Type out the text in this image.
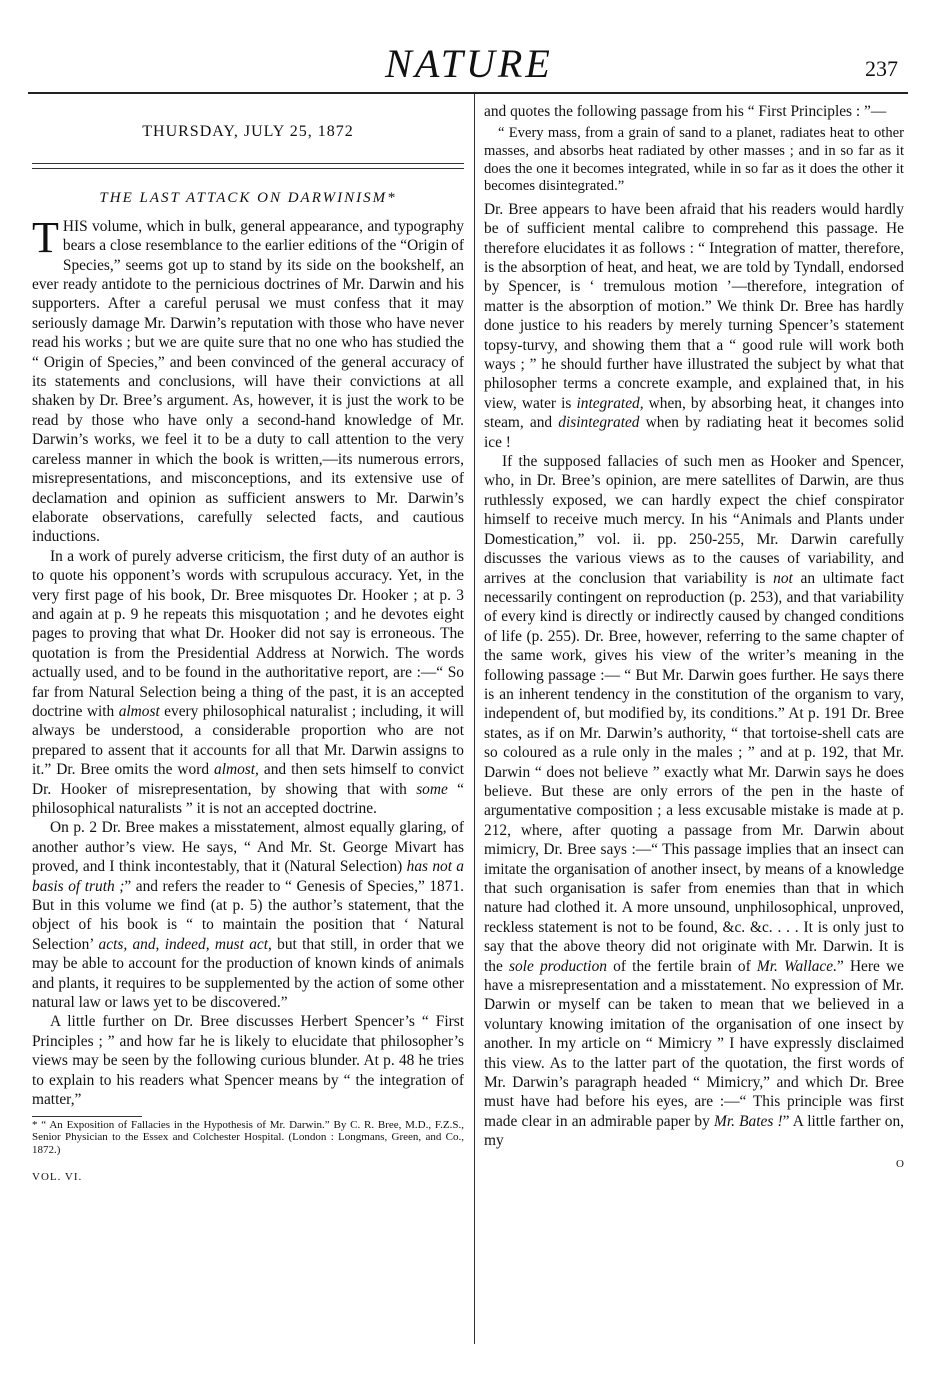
NATURE	237

THURSDAY, JULY 25, 1872

THE LAST ATTACK ON DARWINISM*

THIS volume, which in bulk, general appearance, and typography bears a close resemblance to the earlier editions of the “Origin of Species,” seems got up to stand by its side on the bookshelf, an ever ready antidote to the pernicious doctrines of Mr. Darwin and his supporters. After a careful perusal we must confess that it may seriously damage Mr. Darwin’s reputation with those who have never read his works ; but we are quite sure that no one who has studied the “ Origin of Species,” and been convinced of the general accuracy of its statements and conclusions, will have their convictions at all shaken by Dr. Bree’s argument. As, however, it is just the work to be read by those who have only a second-hand knowledge of Mr. Darwin’s works, we feel it to be a duty to call attention to the very careless manner in which the book is written,—its numerous errors, misrepresentations, and misconceptions, and its extensive use of declamation and opinion as sufficient answers to Mr. Darwin’s elaborate observations, carefully selected facts, and cautious inductions.

In a work of purely adverse criticism, the first duty of an author is to quote his opponent’s words with scrupulous accuracy. Yet, in the very first page of his book, Dr. Bree misquotes Dr. Hooker ; at p. 3 and again at p. 9 he repeats this misquotation ; and he devotes eight pages to proving that what Dr. Hooker did not say is erroneous. The quotation is from the Presidential Address at Norwich. The words actually used, and to be found in the authoritative report, are :—“ So far from Natural Selection being a thing of the past, it is an accepted doctrine with almost every philosophical naturalist ; including, it will always be understood, a considerable proportion who are not prepared to assent that it accounts for all that Mr. Darwin assigns to it.” Dr. Bree omits the word almost, and then sets himself to convict Dr. Hooker of misrepresentation, by showing that with some “ philosophical naturalists ” it is not an accepted doctrine.

On p. 2 Dr. Bree makes a misstatement, almost equally glaring, of another author’s view. He says, “ And Mr. St. George Mivart has proved, and I think incontestably, that it (Natural Selection) has not a basis of truth ;” and refers the reader to “ Genesis of Species,” 1871. But in this volume we find (at p. 5) the author’s statement, that the object of his book is “ to maintain the position that ‘ Natural Selection’ acts, and, indeed, must act, but that still, in order that we may be able to account for the production of known kinds of animals and plants, it requires to be supplemented by the action of some other natural law or laws yet to be discovered.”

A little further on Dr. Bree discusses Herbert Spencer’s “ First Principles ; ” and how far he is likely to elucidate that philosopher’s views may be seen by the following curious blunder. At p. 48 he tries to explain to his readers what Spencer means by “ the integration of matter,”

* “ An Exposition of Fallacies in the Hypothesis of Mr. Darwin.” By C. R. Bree, M.D., F.Z.S., Senior Physician to the Essex and Colchester Hospital. (London : Longmans, Green, and Co., 1872.)

VOL. VI.

and quotes the following passage from his “ First Principles : ”—

“ Every mass, from a grain of sand to a planet, radiates heat to other masses, and absorbs heat radiated by other masses ; and in so far as it does the one it becomes integrated, while in so far as it does the other it becomes disintegrated.”

Dr. Bree appears to have been afraid that his readers would hardly be of sufficient mental calibre to comprehend this passage. He therefore elucidates it as follows : “ Integration of matter, therefore, is the absorption of heat, and heat, we are told by Tyndall, endorsed by Spencer, is ‘ tremulous motion ’—therefore, integration of matter is the absorption of motion.” We think Dr. Bree has hardly done justice to his readers by merely turning Spencer’s statement topsy-turvy, and showing them that a “ good rule will work both ways ; ” he should further have illustrated the subject by what that philosopher terms a concrete example, and explained that, in his view, water is integrated, when, by absorbing heat, it changes into steam, and disintegrated when by radiating heat it becomes solid ice !

If the supposed fallacies of such men as Hooker and Spencer, who, in Dr. Bree’s opinion, are mere satellites of Darwin, are thus ruthlessly exposed, we can hardly expect the chief conspirator himself to receive much mercy. In his “Animals and Plants under Domestication,” vol. ii. pp. 250-255, Mr. Darwin carefully discusses the various views as to the causes of variability, and arrives at the conclusion that variability is not an ultimate fact necessarily contingent on reproduction (p. 253), and that variability of every kind is directly or indirectly caused by changed conditions of life (p. 255). Dr. Bree, however, referring to the same chapter of the same work, gives his view of the writer’s meaning in the following passage :— “ But Mr. Darwin goes further. He says there is an inherent tendency in the constitution of the organism to vary, independent of, but modified by, its conditions.” At p. 191 Dr. Bree states, as if on Mr. Darwin’s authority, “ that tortoise-shell cats are so coloured as a rule only in the males ; ” and at p. 192, that Mr. Darwin “ does not believe ” exactly what Mr. Darwin says he does believe. But these are only errors of the pen in the haste of argumentative composition ; a less excusable mistake is made at p. 212, where, after quoting a passage from Mr. Darwin about mimicry, Dr. Bree says :—“ This passage implies that an insect can imitate the organisation of another insect, by means of a knowledge that such organisation is safer from enemies than that in which nature had clothed it. A more unsound, unphilosophical, unproved, reckless statement is not to be found, &c. &c. . . . It is only just to say that the above theory did not originate with Mr. Darwin. It is the sole production of the fertile brain of Mr. Wallace.” Here we have a misrepresentation and a misstatement. No expression of Mr. Darwin or myself can be taken to mean that we believed in a voluntary knowing imitation of the organisation of one insect by another. In my article on “ Mimicry ” I have expressly disclaimed this view. As to the latter part of the quotation, the first words of Mr. Darwin’s paragraph headed “ Mimicry,” and which Dr. Bree must have had before his eyes, are :—“ This principle was first made clear in an admirable paper by Mr. Bates !” A little farther on, my

O
